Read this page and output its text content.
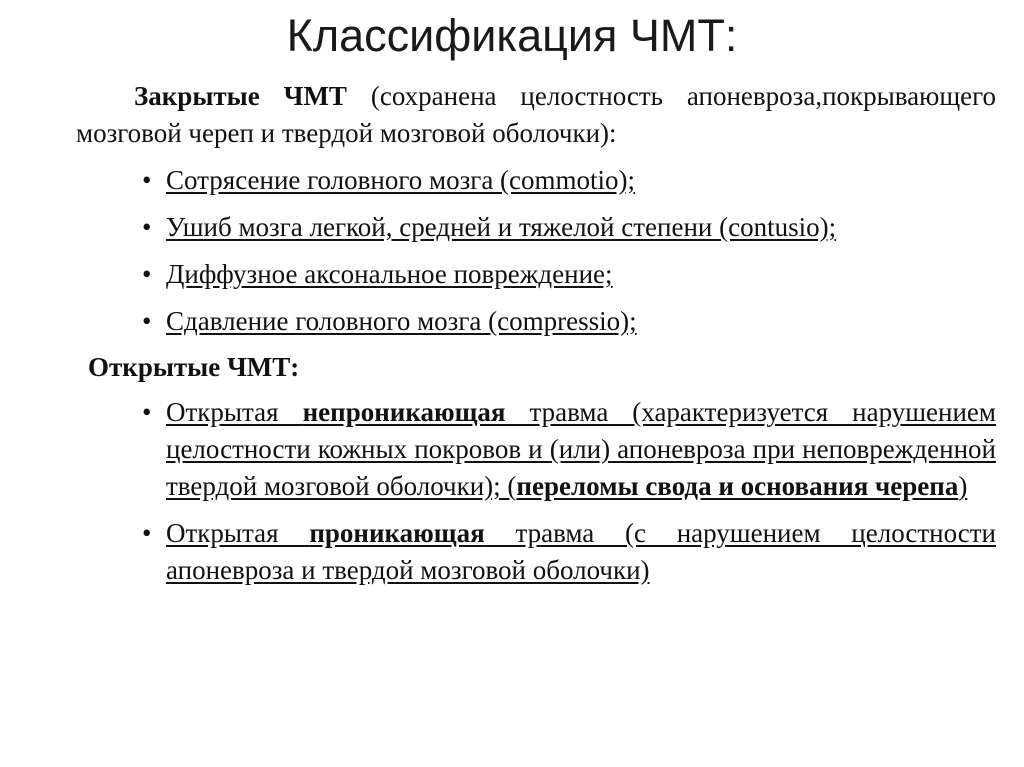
Классификация ЧМТ:

Закрытые ЧМТ (сохранена целостность апоневроза,покрывающего мозговой череп и твердой мозговой оболочки):

• Сотрясение головного мозга (commotio);
• Ушиб мозга легкой, средней и тяжелой степени (contusio);
• Диффузное аксональное повреждение;
• Сдавление головного мозга (compressio);
Открытые ЧМТ:
• Открытая непроникающая травма (характеризуется нарушением целостности кожных покровов и (или) апоневроза при неповрежденной твердой мозговой оболочки); (переломы свода и основания черепа)
• Открытая проникающая травма (с нарушением целостности апоневроза и твердой мозговой оболочки)
